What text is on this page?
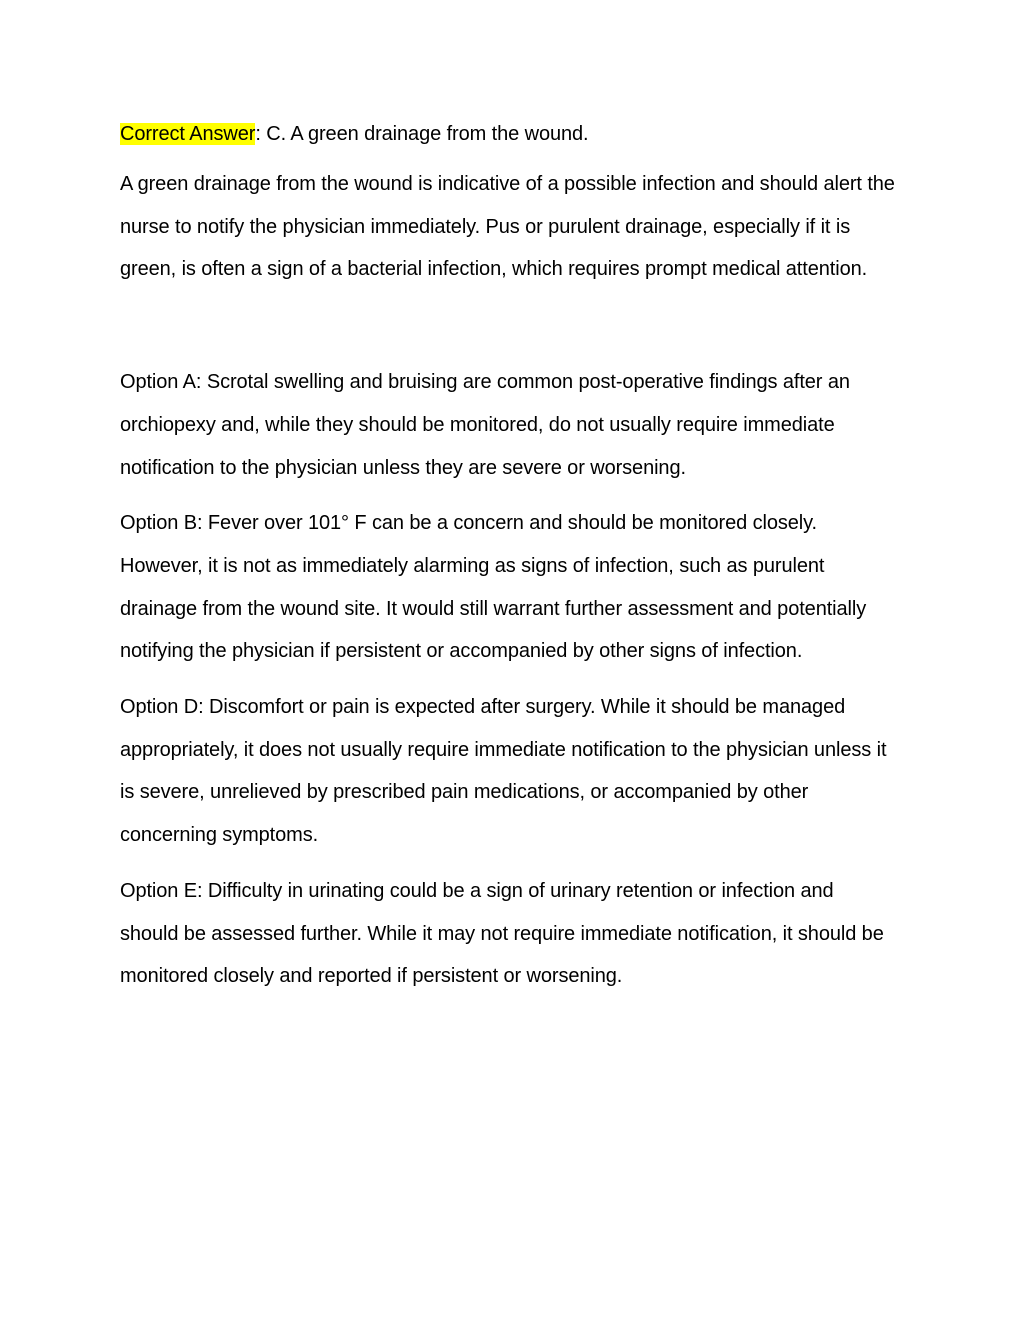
Correct Answer: C. A green drainage from the wound.

A green drainage from the wound is indicative of a possible infection and should alert the nurse to notify the physician immediately. Pus or purulent drainage, especially if it is green, is often a sign of a bacterial infection, which requires prompt medical attention.

Option A: Scrotal swelling and bruising are common post-operative findings after an orchiopexy and, while they should be monitored, do not usually require immediate notification to the physician unless they are severe or worsening.

Option B: Fever over 101° F can be a concern and should be monitored closely. However, it is not as immediately alarming as signs of infection, such as purulent drainage from the wound site. It would still warrant further assessment and potentially notifying the physician if persistent or accompanied by other signs of infection.

Option D: Discomfort or pain is expected after surgery. While it should be managed appropriately, it does not usually require immediate notification to the physician unless it is severe, unrelieved by prescribed pain medications, or accompanied by other concerning symptoms.

Option E: Difficulty in urinating could be a sign of urinary retention or infection and should be assessed further. While it may not require immediate notification, it should be monitored closely and reported if persistent or worsening.
